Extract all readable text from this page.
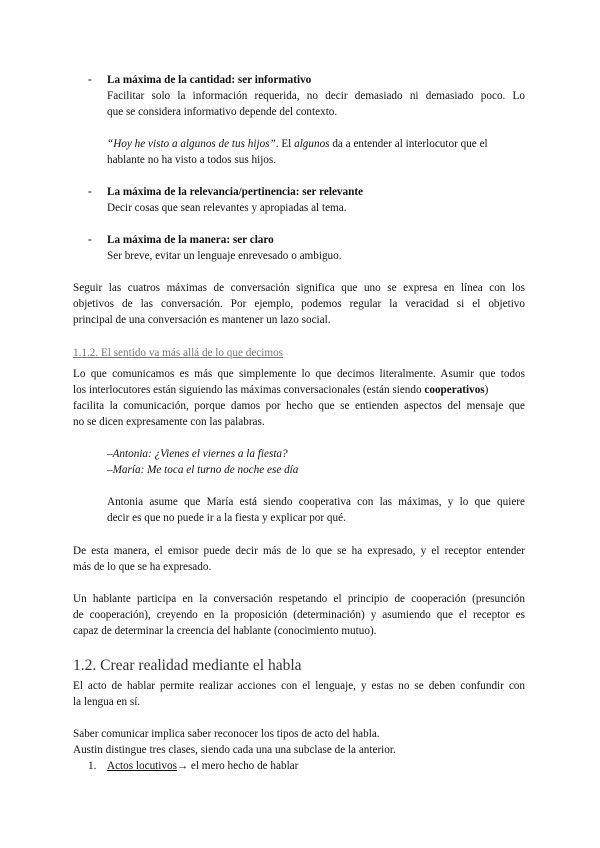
- La máxima de la cantidad: ser informativo
Facilitar solo la información requerida, no decir demasiado ni demasiado poco. Lo
que se considera informativo depende del contexto.
“Hoy he visto a algunos de tus hijos”. El algunos da a entender al interlocutor que el
hablante no ha visto a todos sus hijos.
- La máxima de la relevancia/pertinencia: ser relevante
Decir cosas que sean relevantes y apropiadas al tema.
- La máxima de la manera: ser claro
Ser breve, evitar un lenguaje enrevesado o ambiguo.
Seguir las cuatros máximas de conversación significa que uno se expresa en línea con los
objetivos de las conversación. Por ejemplo, podemos regular la veracidad si el objetivo
principal de una conversación es mantener un lazo social.
1.1.2. El sentido va más allá de lo que decimos
Lo que comunicamos es más que simplemente lo que decimos literalmente. Asumir que todos
los interlocutores están siguiendo las máximas conversacionales (están siendo cooperativos)
facilita la comunicación, porque damos por hecho que se entienden aspectos del mensaje que
no se dicen expresamente con las palabras.
–Antonia: ¿Vienes el viernes a la fiesta?
–María: Me toca el turno de noche ese día
Antonia asume que María está siendo cooperativa con las máximas, y lo que quiere
decir es que no puede ir a la fiesta y explicar por qué.
De esta manera, el emisor puede decir más de lo que se ha expresado, y el receptor entender
más de lo que se ha expresado.
Un hablante participa en la conversación respetando el principio de cooperación (presunción
de cooperación), creyendo en la proposición (determinación) y asumiendo que el receptor es
capaz de determinar la creencia del hablante (conocimiento mutuo).
1.2. Crear realidad mediante el habla
El acto de hablar permite realizar acciones con el lenguaje, y estas no se deben confundir con
la lengua en sí.
Saber comunicar implica saber reconocer los tipos de acto del habla.
Austin distingue tres clases, siendo cada una una subclase de la anterior.
1. Actos locutivos→ el mero hecho de hablar
